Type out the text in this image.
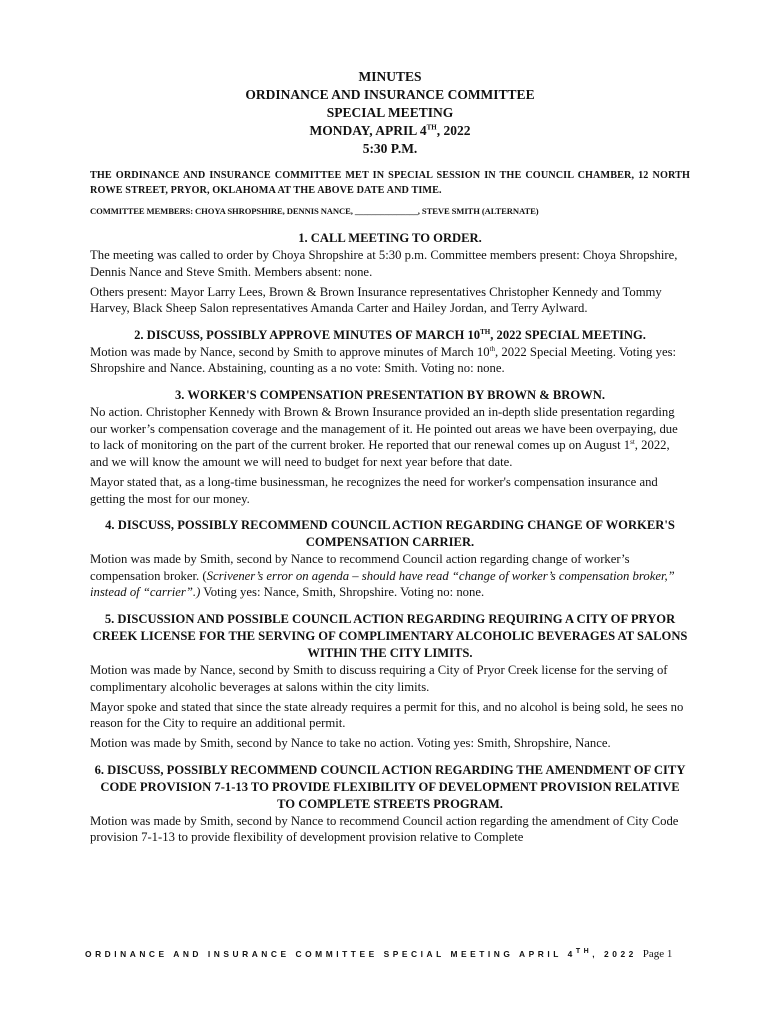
MINUTES
ORDINANCE AND INSURANCE COMMITTEE
SPECIAL MEETING
MONDAY, APRIL 4TH, 2022
5:30 P.M.
THE ORDINANCE AND INSURANCE COMMITTEE MET IN SPECIAL SESSION IN THE COUNCIL CHAMBER, 12 NORTH ROWE STREET, PRYOR, OKLAHOMA AT THE ABOVE DATE AND TIME.
COMMITTEE MEMBERS: CHOYA SHROPSHIRE, DENNIS NANCE, _______________, STEVE SMITH (ALTERNATE)
1. CALL MEETING TO ORDER.

The meeting was called to order by Choya Shropshire at 5:30 p.m. Committee members present: Choya Shropshire, Dennis Nance and Steve Smith. Members absent: none.

Others present: Mayor Larry Lees, Brown & Brown Insurance representatives Christopher Kennedy and Tommy Harvey, Black Sheep Salon representatives Amanda Carter and Hailey Jordan, and Terry Aylward.

2. DISCUSS, POSSIBLY APPROVE MINUTES OF MARCH 10TH, 2022 SPECIAL MEETING.

Motion was made by Nance, second by Smith to approve minutes of March 10th, 2022 Special Meeting. Voting yes: Shropshire and Nance. Abstaining, counting as a no vote: Smith. Voting no: none.

3. WORKER'S COMPENSATION PRESENTATION BY BROWN & BROWN.

No action. Christopher Kennedy with Brown & Brown Insurance provided an in-depth slide presentation regarding our worker’s compensation coverage and the management of it. He pointed out areas we have been overpaying, due to lack of monitoring on the part of the current broker. He reported that our renewal comes up on August 1st, 2022, and we will know the amount we will need to budget for next year before that date.

Mayor stated that, as a long-time businessman, he recognizes the need for worker's compensation insurance and getting the most for our money.

4. DISCUSS, POSSIBLY RECOMMEND COUNCIL ACTION REGARDING CHANGE OF WORKER'S COMPENSATION CARRIER.

Motion was made by Smith, second by Nance to recommend Council action regarding change of worker’s compensation broker. (Scrivener’s error on agenda – should have read “change of worker’s compensation broker,” instead of “carrier”.) Voting yes: Nance, Smith, Shropshire. Voting no: none.

5. DISCUSSION AND POSSIBLE COUNCIL ACTION REGARDING REQUIRING A CITY OF PRYOR CREEK LICENSE FOR THE SERVING OF COMPLIMENTARY ALCOHOLIC BEVERAGES AT SALONS WITHIN THE CITY LIMITS.

Motion was made by Nance, second by Smith to discuss requiring a City of Pryor Creek license for the serving of complimentary alcoholic beverages at salons within the city limits.

Mayor spoke and stated that since the state already requires a permit for this, and no alcohol is being sold, he sees no reason for the City to require an additional permit.

Motion was made by Smith, second by Nance to take no action. Voting yes: Smith, Shropshire, Nance.

6. DISCUSS, POSSIBLY RECOMMEND COUNCIL ACTION REGARDING THE AMENDMENT OF CITY CODE PROVISION 7-1-13 TO PROVIDE FLEXIBILITY OF DEVELOPMENT PROVISION RELATIVE TO COMPLETE STREETS PROGRAM.

Motion was made by Smith, second by Nance to recommend Council action regarding the amendment of City Code provision 7-1-13 to provide flexibility of development provision relative to Complete

ORDINANCE AND INSURANCE COMMITTEE SPECIAL MEETING APRIL 4TH, 2022 Page 1
